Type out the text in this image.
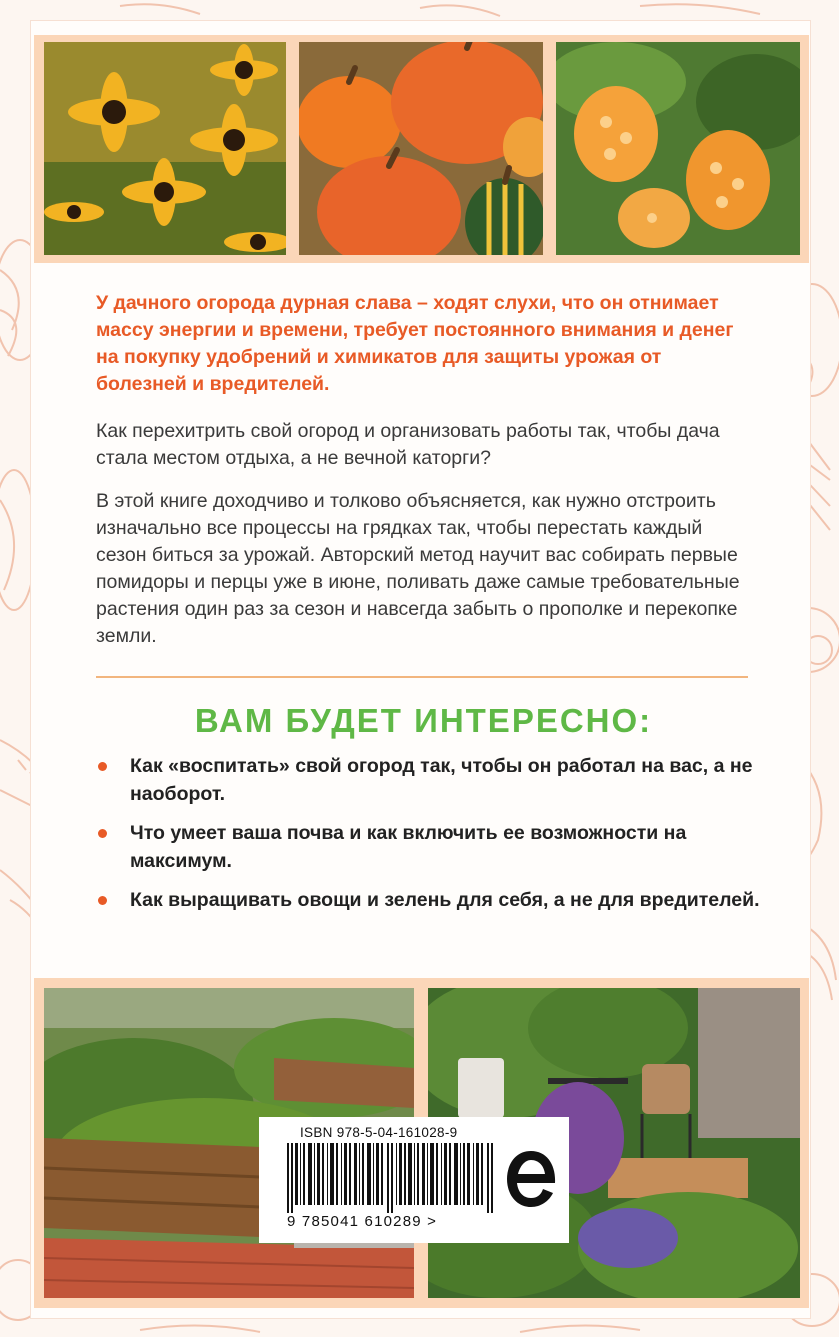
У дачного огорода дурная слава – ходят слухи, что он отнимает массу энергии и времени, требует постоянного внимания и денег на покупку удобрений и химикатов для защиты урожая от болезней и вредителей.

Как перехитрить свой огород и организовать работы так, чтобы дача стала местом отдыха, а не вечной каторги?

В этой книге доходчиво и толково объясняется, как нужно отстроить изначально все процессы на грядках так, чтобы перестать каждый сезон биться за урожай. Авторский метод научит вас собирать первые помидоры и перцы уже в июне, поливать даже самые требовательные растения один раз за сезон и навсегда забыть о прополке и перекопке земли.

ВАМ БУДЕТ ИНТЕРЕСНО:
Как «воспитать» свой огород так, чтобы он работал на вас, а не наоборот.
Что умеет ваша почва и как включить ее возможности на максимум.
Как выращивать овощи и зелень для себя, а не для вредителей.
ISBN 978-5-04-161028-9
9 785041 610289 >
